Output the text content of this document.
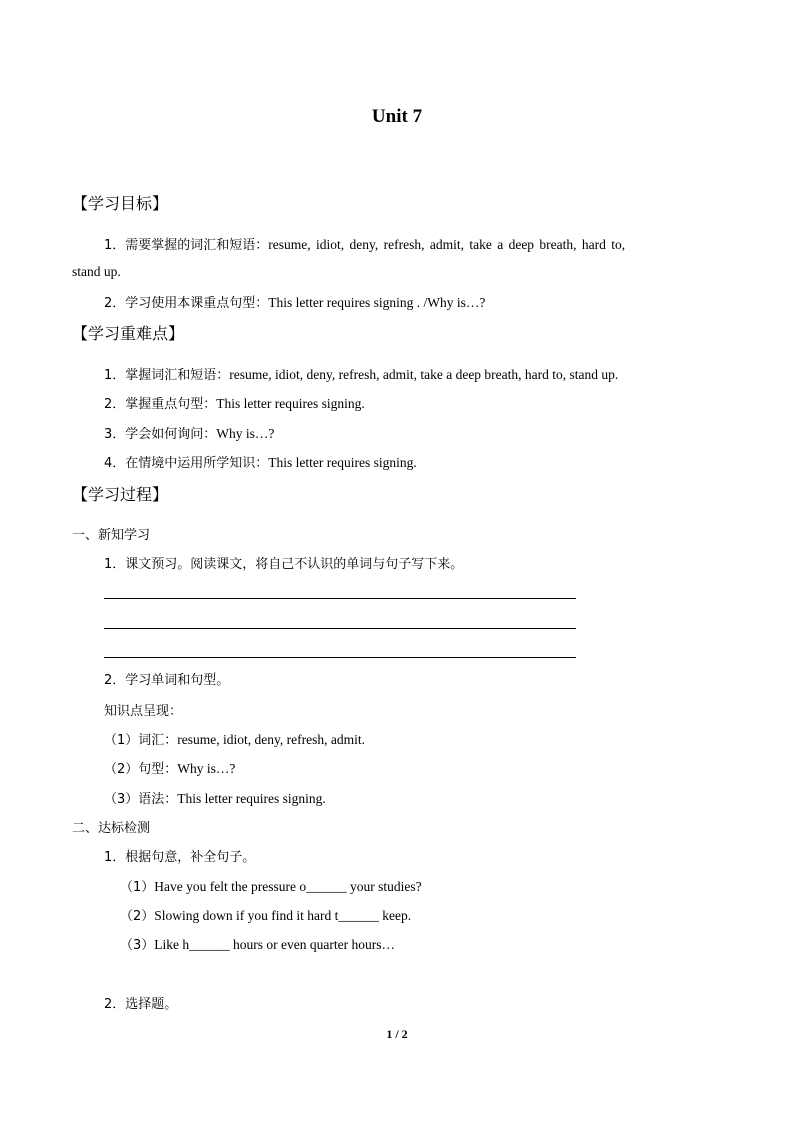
Unit 7
【学习目标】
1．需要掌握的词汇和短语：resume, idiot, deny, refresh, admit, take a deep breath, hard to,
stand up.
2．学习使用本课重点句型：This letter requires signing . /Why is…?
【学习重难点】
1．掌握词汇和短语：resume, idiot, deny, refresh, admit, take a deep breath, hard to, stand up.
2．掌握重点句型：This letter requires signing.
3．学会如何询问：Why is…?
4．在情境中运用所学知识：This letter requires signing.
【学习过程】
一、新知学习
1．课文预习。阅读课文，将自己不认识的单词与句子写下来。
2．学习单词和句型。
知识点呈现：
（1）词汇：resume, idiot, deny, refresh, admit.
（2）句型：Why is…?
（3）语法：This letter requires signing.
二、达标检测
1．根据句意，补全句子。
（1）Have you felt the pressure o______ your studies?
（2）Slowing down if you find it hard t______ keep.
（3）Like h______ hours or even quarter hours…
2．选择题。
1 / 2
